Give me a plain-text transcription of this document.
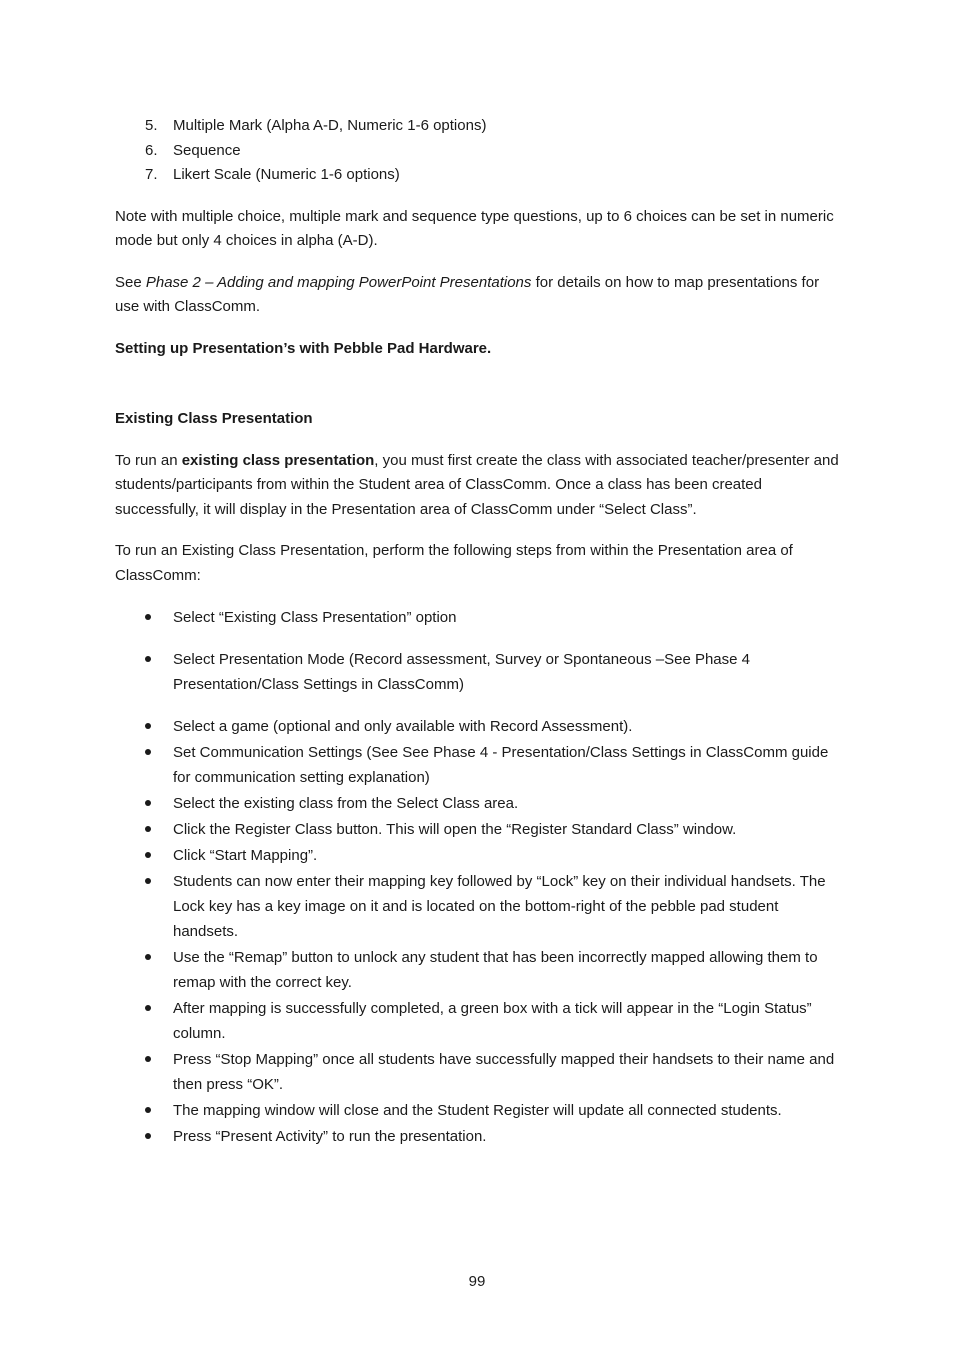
5. Multiple Mark (Alpha A-D, Numeric 1-6 options)
6. Sequence
7. Likert Scale (Numeric 1-6 options)

Note with multiple choice, multiple mark and sequence type questions, up to 6 choices can be set in numeric mode but only 4 choices in alpha (A-D).

See Phase 2 – Adding and mapping PowerPoint Presentations for details on how to map presentations for use with ClassComm.

Setting up Presentation’s with Pebble Pad Hardware.
Existing Class Presentation

To run an existing class presentation, you must first create the class with associated teacher/presenter and students/participants from within the Student area of ClassComm. Once a class has been created successfully, it will display in the Presentation area of ClassComm under “Select Class”.

To run an Existing Class Presentation, perform the following steps from within the Presentation area of ClassComm:

Select “Existing Class Presentation” option
Select Presentation Mode (Record assessment, Survey or Spontaneous –See Phase 4 Presentation/Class Settings in ClassComm)
Select a game (optional and only available with Record Assessment).
Set Communication Settings (See See Phase 4 - Presentation/Class Settings in ClassComm guide for communication setting explanation)
Select the existing class from the Select Class area.
Click the Register Class button. This will open the “Register Standard Class” window.
Click “Start Mapping”.
Students can now enter their mapping key followed by “Lock” key on their individual handsets. The Lock key has a key image on it and is located on the bottom-right of the pebble pad student handsets.
Use the “Remap” button to unlock any student that has been incorrectly mapped allowing them to remap with the correct key.
After mapping is successfully completed, a green box with a tick will appear in the “Login Status” column.
Press “Stop Mapping” once all students have successfully mapped their handsets to their name and then press “OK”.
The mapping window will close and the Student Register will update all connected students.
Press “Present Activity” to run the presentation.
99
